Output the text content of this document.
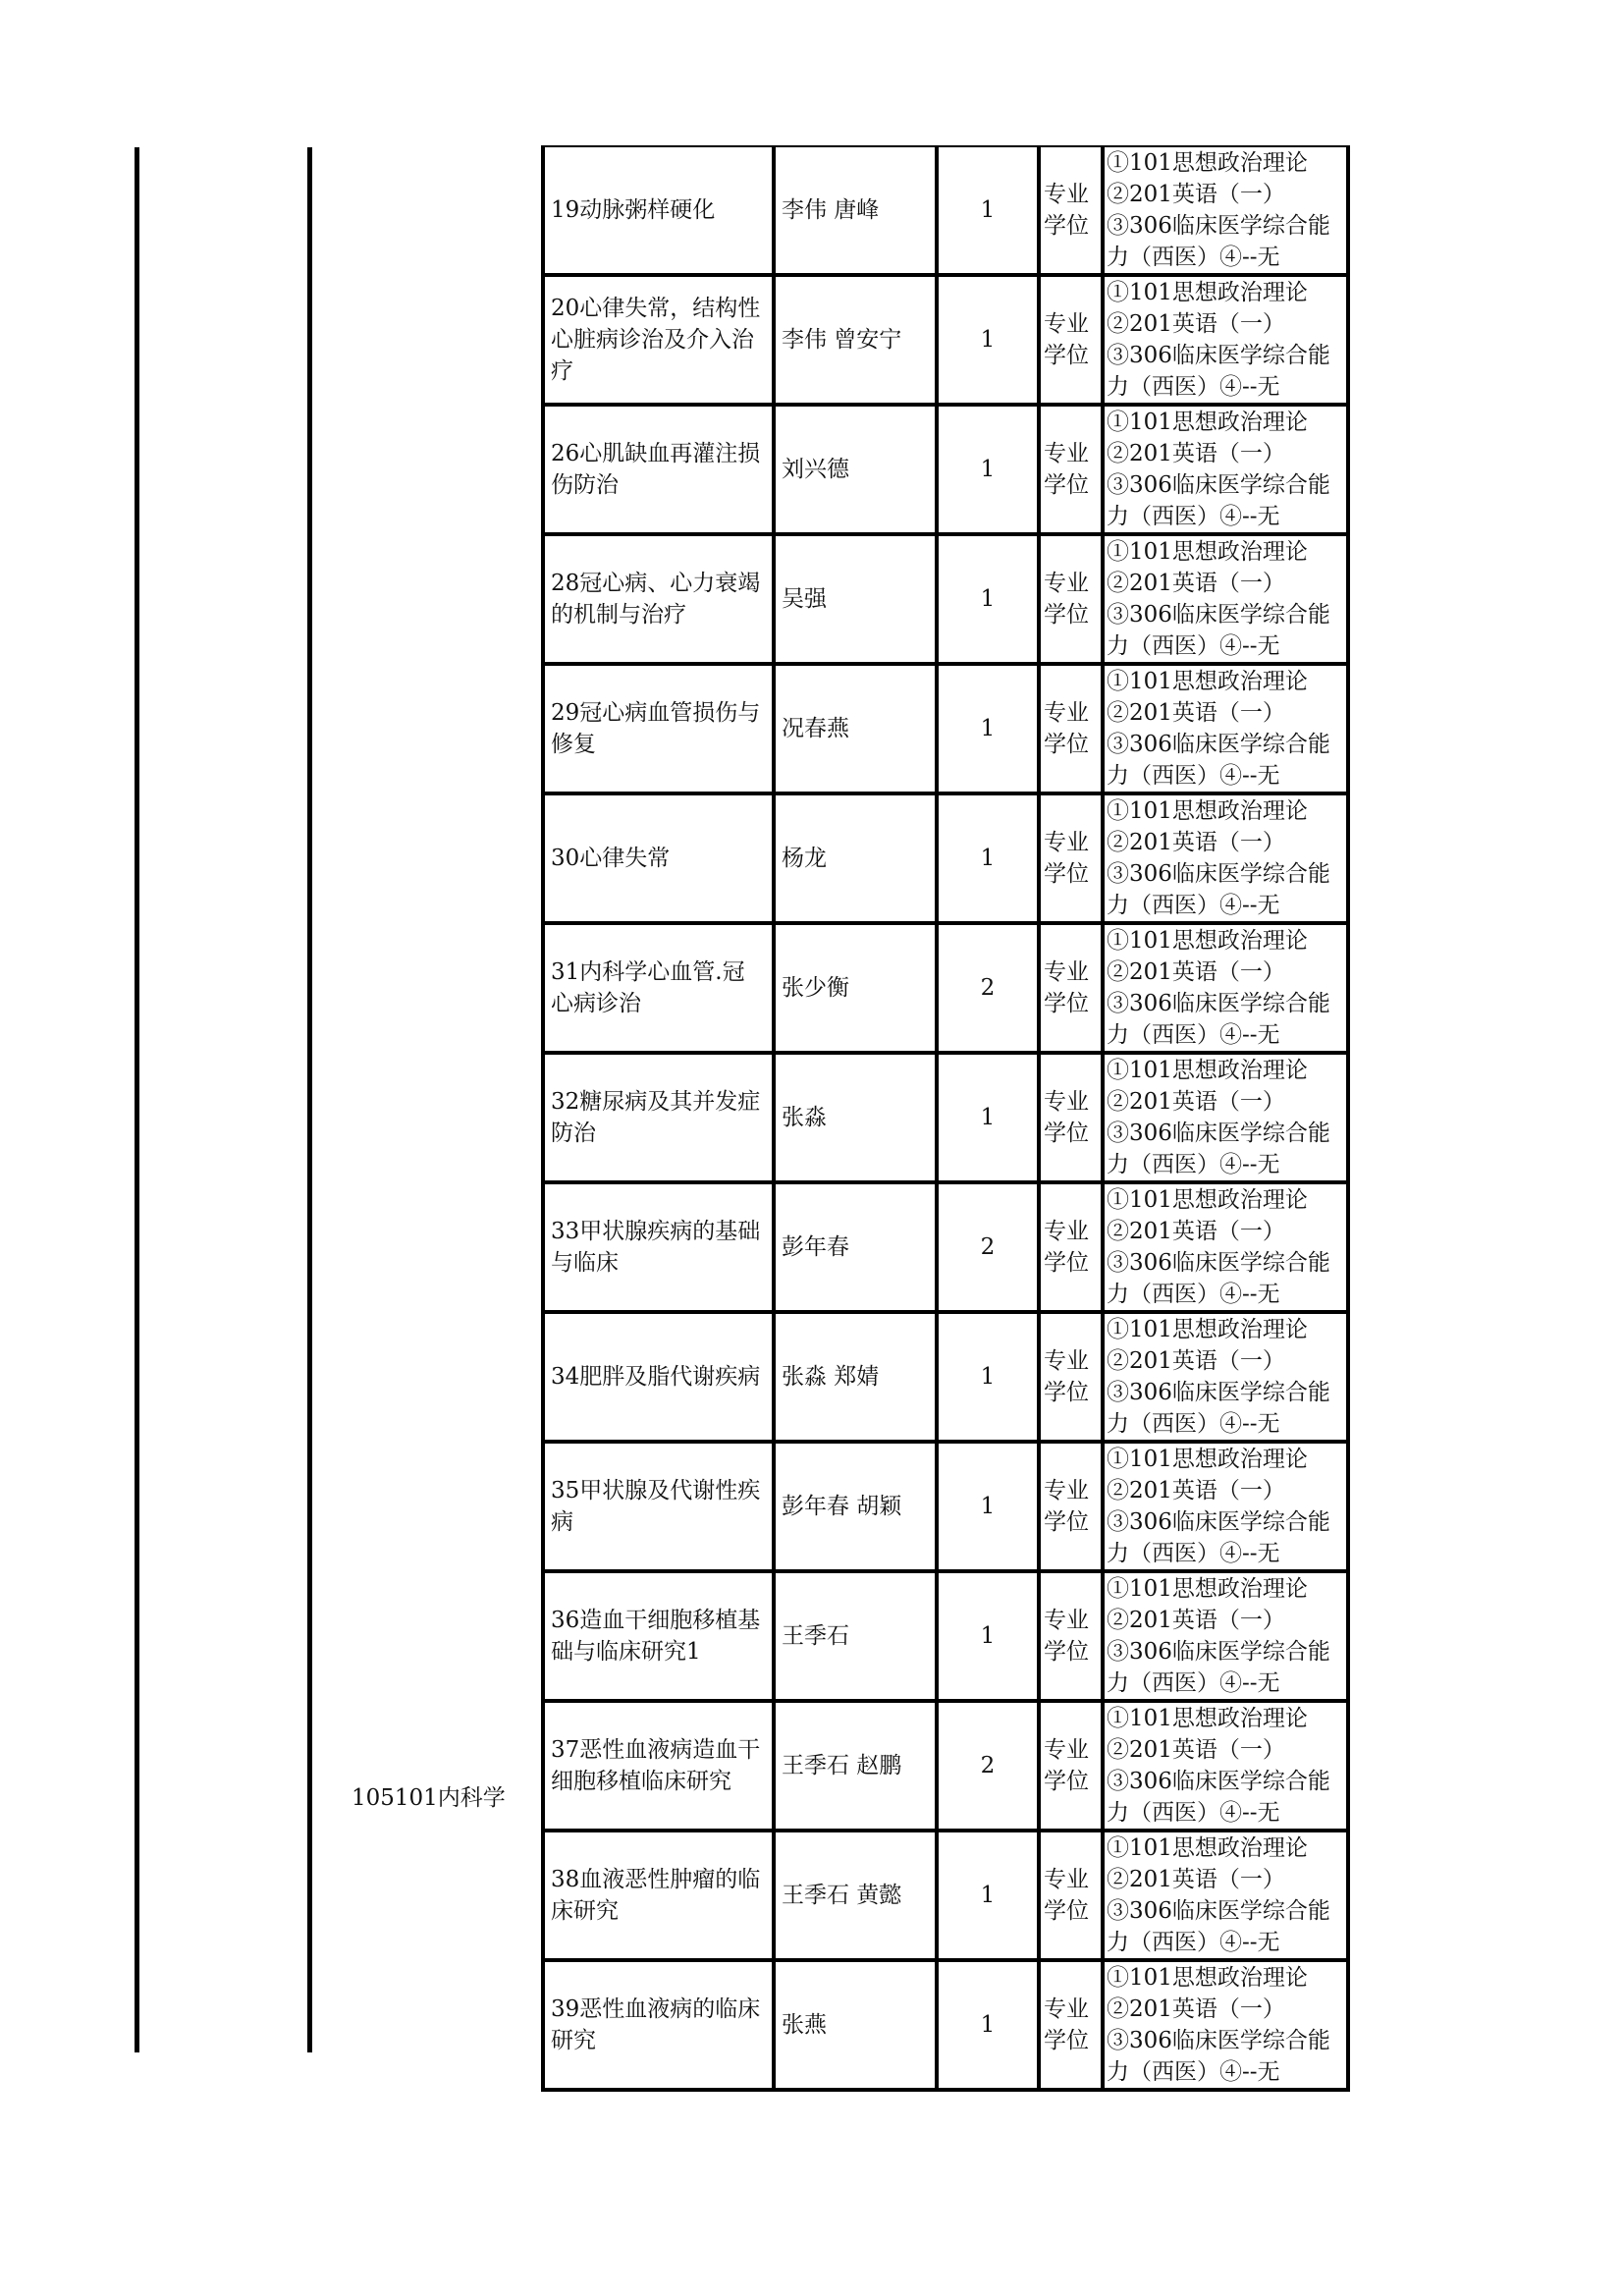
105101内科学
19动脉粥样硬化	李伟 唐峰	1	专业学位	①101思想政治理论②201英语（一）③306临床医学综合能力（西医）④--无
20心律失常，结构性心脏病诊治及介入治疗	李伟 曾安宁	1	专业学位	①101思想政治理论②201英语（一）③306临床医学综合能力（西医）④--无
26心肌缺血再灌注损伤防治	刘兴德	1	专业学位	①101思想政治理论②201英语（一）③306临床医学综合能力（西医）④--无
28冠心病、心力衰竭的机制与治疗	吴强	1	专业学位	①101思想政治理论②201英语（一）③306临床医学综合能力（西医）④--无
29冠心病血管损伤与修复	况春燕	1	专业学位	①101思想政治理论②201英语（一）③306临床医学综合能力（西医）④--无
30心律失常	杨龙	1	专业学位	①101思想政治理论②201英语（一）③306临床医学综合能力（西医）④--无
31内科学心血管.冠心病诊治	张少衡	2	专业学位	①101思想政治理论②201英语（一）③306临床医学综合能力（西医）④--无
32糖尿病及其并发症防治	张淼	1	专业学位	①101思想政治理论②201英语（一）③306临床医学综合能力（西医）④--无
33甲状腺疾病的基础与临床	彭年春	2	专业学位	①101思想政治理论②201英语（一）③306临床医学综合能力（西医）④--无
34肥胖及脂代谢疾病	张淼 郑婧	1	专业学位	①101思想政治理论②201英语（一）③306临床医学综合能力（西医）④--无
35甲状腺及代谢性疾病	彭年春 胡颖	1	专业学位	①101思想政治理论②201英语（一）③306临床医学综合能力（西医）④--无
36造血干细胞移植基础与临床研究1	王季石	1	专业学位	①101思想政治理论②201英语（一）③306临床医学综合能力（西医）④--无
37恶性血液病造血干细胞移植临床研究	王季石 赵鹏	2	专业学位	①101思想政治理论②201英语（一）③306临床医学综合能力（西医）④--无
38血液恶性肿瘤的临床研究	王季石 黄懿	1	专业学位	①101思想政治理论②201英语（一）③306临床医学综合能力（西医）④--无
39恶性血液病的临床研究	张燕	1	专业学位	①101思想政治理论②201英语（一）③306临床医学综合能力（西医）④--无
